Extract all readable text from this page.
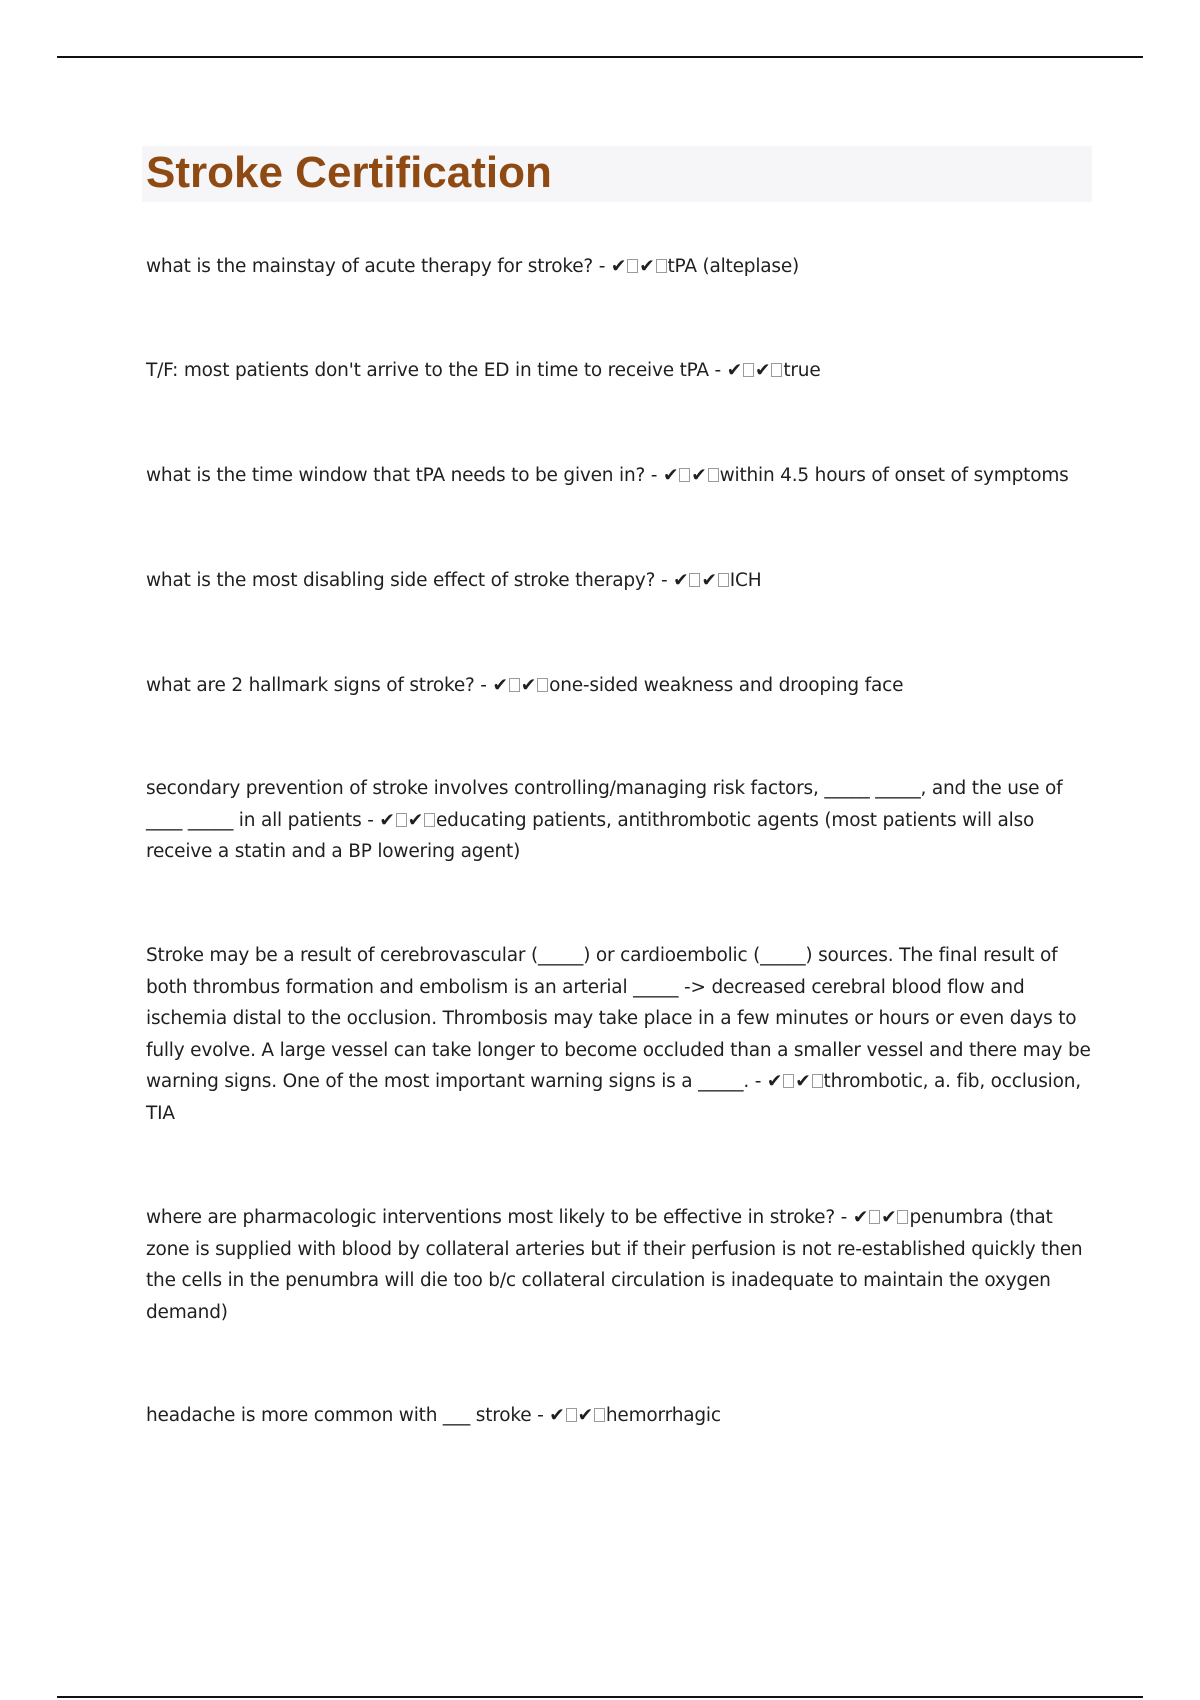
Stroke Certification

what is the mainstay of acute therapy for stroke? - ✔ ✔ tPA (alteplase)

T/F: most patients don't arrive to the ED in time to receive tPA - ✔ ✔ true

what is the time window that tPA needs to be given in? - ✔ ✔ within 4.5 hours of onset of symptoms

what is the most disabling side effect of stroke therapy? - ✔ ✔ ICH

what are 2 hallmark signs of stroke? - ✔ ✔ one-sided weakness and drooping face

secondary prevention of stroke involves controlling/managing risk factors, _____ _____, and the use of ____ _____ in all patients - ✔ ✔ educating patients, antithrombotic agents (most patients will also receive a statin and a BP lowering agent)

Stroke may be a result of cerebrovascular (_____) or cardioembolic (_____) sources. The final result of both thrombus formation and embolism is an arterial _____ -> decreased cerebral blood flow and ischemia distal to the occlusion. Thrombosis may take place in a few minutes or hours or even days to fully evolve. A large vessel can take longer to become occluded than a smaller vessel and there may be warning signs. One of the most important warning signs is a _____. - ✔ ✔ thrombotic, a. fib, occlusion, TIA

where are pharmacologic interventions most likely to be effective in stroke? - ✔ ✔ penumbra (that zone is supplied with blood by collateral arteries but if their perfusion is not re-established quickly then the cells in the penumbra will die too b/c collateral circulation is inadequate to maintain the oxygen demand)

headache is more common with ___ stroke - ✔ ✔ hemorrhagic
